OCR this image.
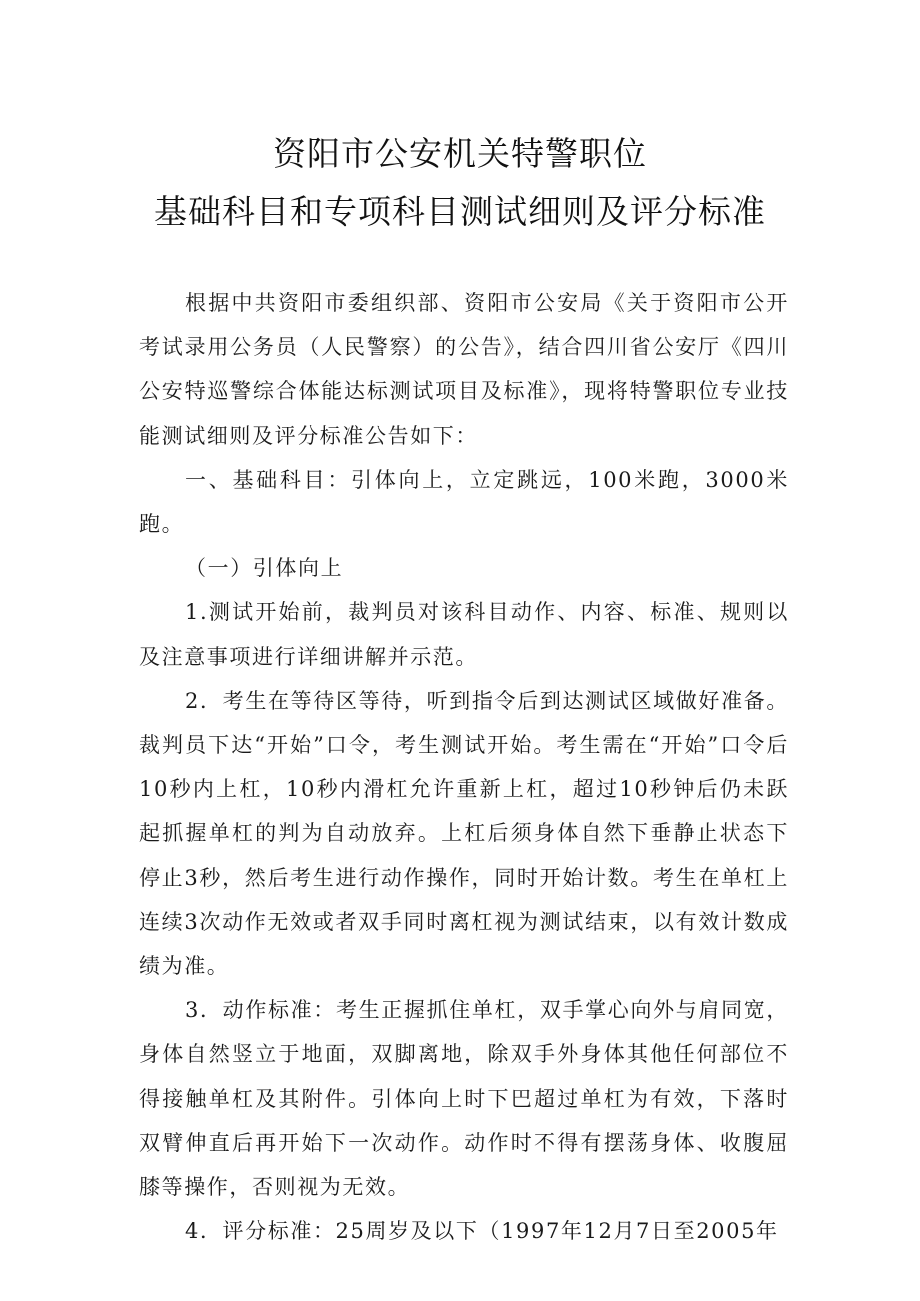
资阳市公安机关特警职位
基础科目和专项科目测试细则及评分标准

根据中共资阳市委组织部、资阳市公安局《关于资阳市公开考试录用公务员（人民警察）的公告》，结合四川省公安厅《四川公安特巡警综合体能达标测试项目及标准》，现将特警职位专业技能测试细则及评分标准公告如下：

一、基础科目：引体向上，立定跳远，100米跑，3000米跑。

（一）引体向上

1.测试开始前，裁判员对该科目动作、内容、标准、规则以及注意事项进行详细讲解并示范。

2．考生在等待区等待，听到指令后到达测试区域做好准备。裁判员下达“开始”口令，考生测试开始。考生需在“开始”口令后10秒内上杠，10秒内滑杠允许重新上杠，超过10秒钟后仍未跃起抓握单杠的判为自动放弃。上杠后须身体自然下垂静止状态下停止3秒，然后考生进行动作操作，同时开始计数。考生在单杠上连续3次动作无效或者双手同时离杠视为测试结束，以有效计数成绩为准。

3．动作标准：考生正握抓住单杠，双手掌心向外与肩同宽，身体自然竖立于地面，双脚离地，除双手外身体其他任何部位不得接触单杠及其附件。引体向上时下巴超过单杠为有效，下落时双臂伸直后再开始下一次动作。动作时不得有摆荡身体、收腹屈膝等操作，否则视为无效。

4．评分标准：25周岁及以下（1997年12月7日至2005年
